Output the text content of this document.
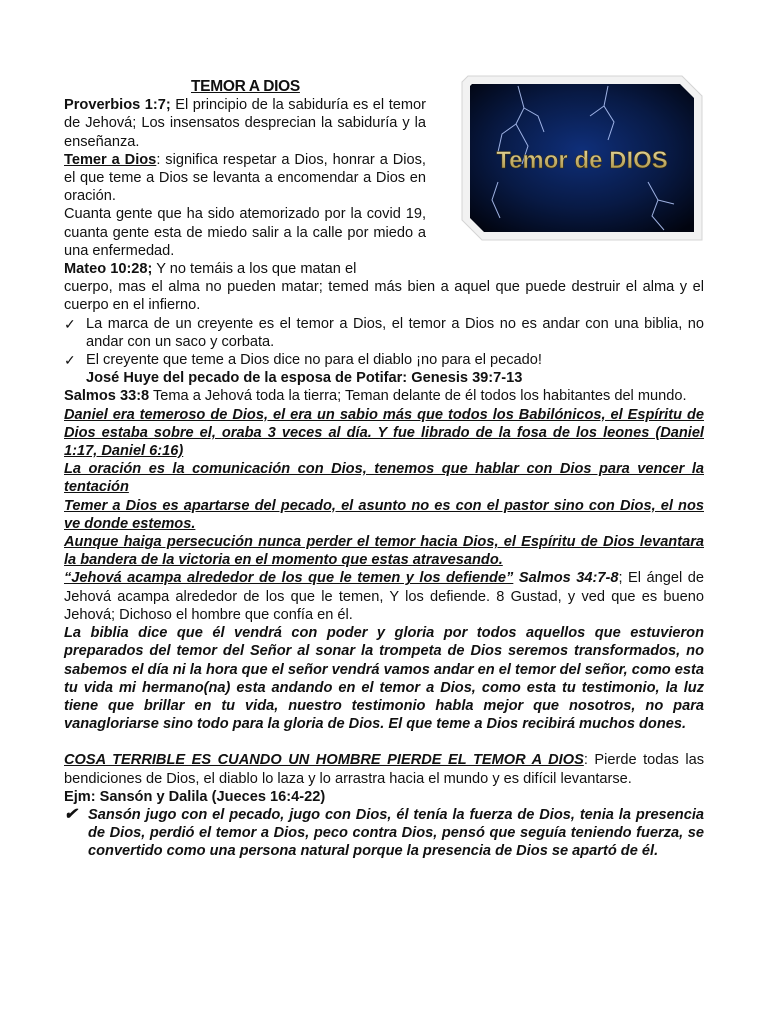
Temor de DIOS
TEMOR A DIOS
Proverbios 1:7; El principio de la sabiduría es el temor de Jehová; Los insensatos desprecian la sabiduría y la enseñanza.
Temer a Dios: significa respetar a Dios, honrar a Dios, el que teme a Dios se levanta a encomendar a Dios en oración.
Cuanta gente que ha sido atemorizado por la covid 19, cuanta gente esta de miedo salir a la calle por miedo a una enfermedad.
Mateo 10:28; Y no temáis a los que matan el
cuerpo, mas el alma no pueden matar; temed más bien a aquel que puede destruir el alma y el cuerpo en el infierno.
✓ La marca de un creyente es el temor a Dios, el temor a Dios no es andar con una biblia, no andar con un saco y corbata.
✓ El creyente que teme a Dios dice no para el diablo ¡no para el pecado!
José Huye del pecado de la esposa de Potifar: Genesis 39:7-13
Salmos 33:8 Tema a Jehová toda la tierra; Teman delante de él todos los habitantes del mundo.
Daniel era temeroso de Dios, el era un sabio más que todos los Babilónicos, el Espíritu de Dios estaba sobre el, oraba 3 veces al día. Y fue librado de la fosa de los leones (Daniel 1:17, Daniel 6:16)
La oración es la comunicación con Dios, tenemos que hablar con Dios para vencer la tentación
Temer a Dios es apartarse del pecado, el asunto no es con el pastor sino con Dios, el nos ve donde estemos.
Aunque haiga persecución nunca perder el temor hacia Dios, el Espíritu de Dios levantara la bandera de la victoria en el momento que estas atravesando.
“Jehová acampa alrededor de los que le temen y los defiende” Salmos 34:7-8; El ángel de Jehová acampa alrededor de los que le temen, Y los defiende. 8 Gustad, y ved que es bueno Jehová; Dichoso el hombre que confía en él.
La biblia dice que él vendrá con poder y gloria por todos aquellos que estuvieron preparados del temor del Señor al sonar la trompeta de Dios seremos transformados, no sabemos el día ni la hora que el señor vendrá vamos andar en el temor del señor, como esta tu vida mi hermano(na) esta andando en el temor a Dios, como esta tu testimonio, la luz tiene que brillar en tu vida, nuestro testimonio habla mejor que nosotros, no para vanagloriarse sino todo para la gloria de Dios. El que teme a Dios recibirá muchos dones.
COSA TERRIBLE ES CUANDO UN HOMBRE PIERDE EL TEMOR A DIOS: Pierde todas las bendiciones de Dios, el diablo lo laza y lo arrastra hacia el mundo y es difícil levantarse.
Ejm: Sansón y Dalila (Jueces 16:4-22)
✔ Sansón jugo con el pecado, jugo con Dios, él tenía la fuerza de Dios, tenia la presencia de Dios, perdió el temor a Dios, peco contra Dios, pensó que seguía teniendo fuerza, se convertido como una persona natural porque la presencia de Dios se apartó de él.
